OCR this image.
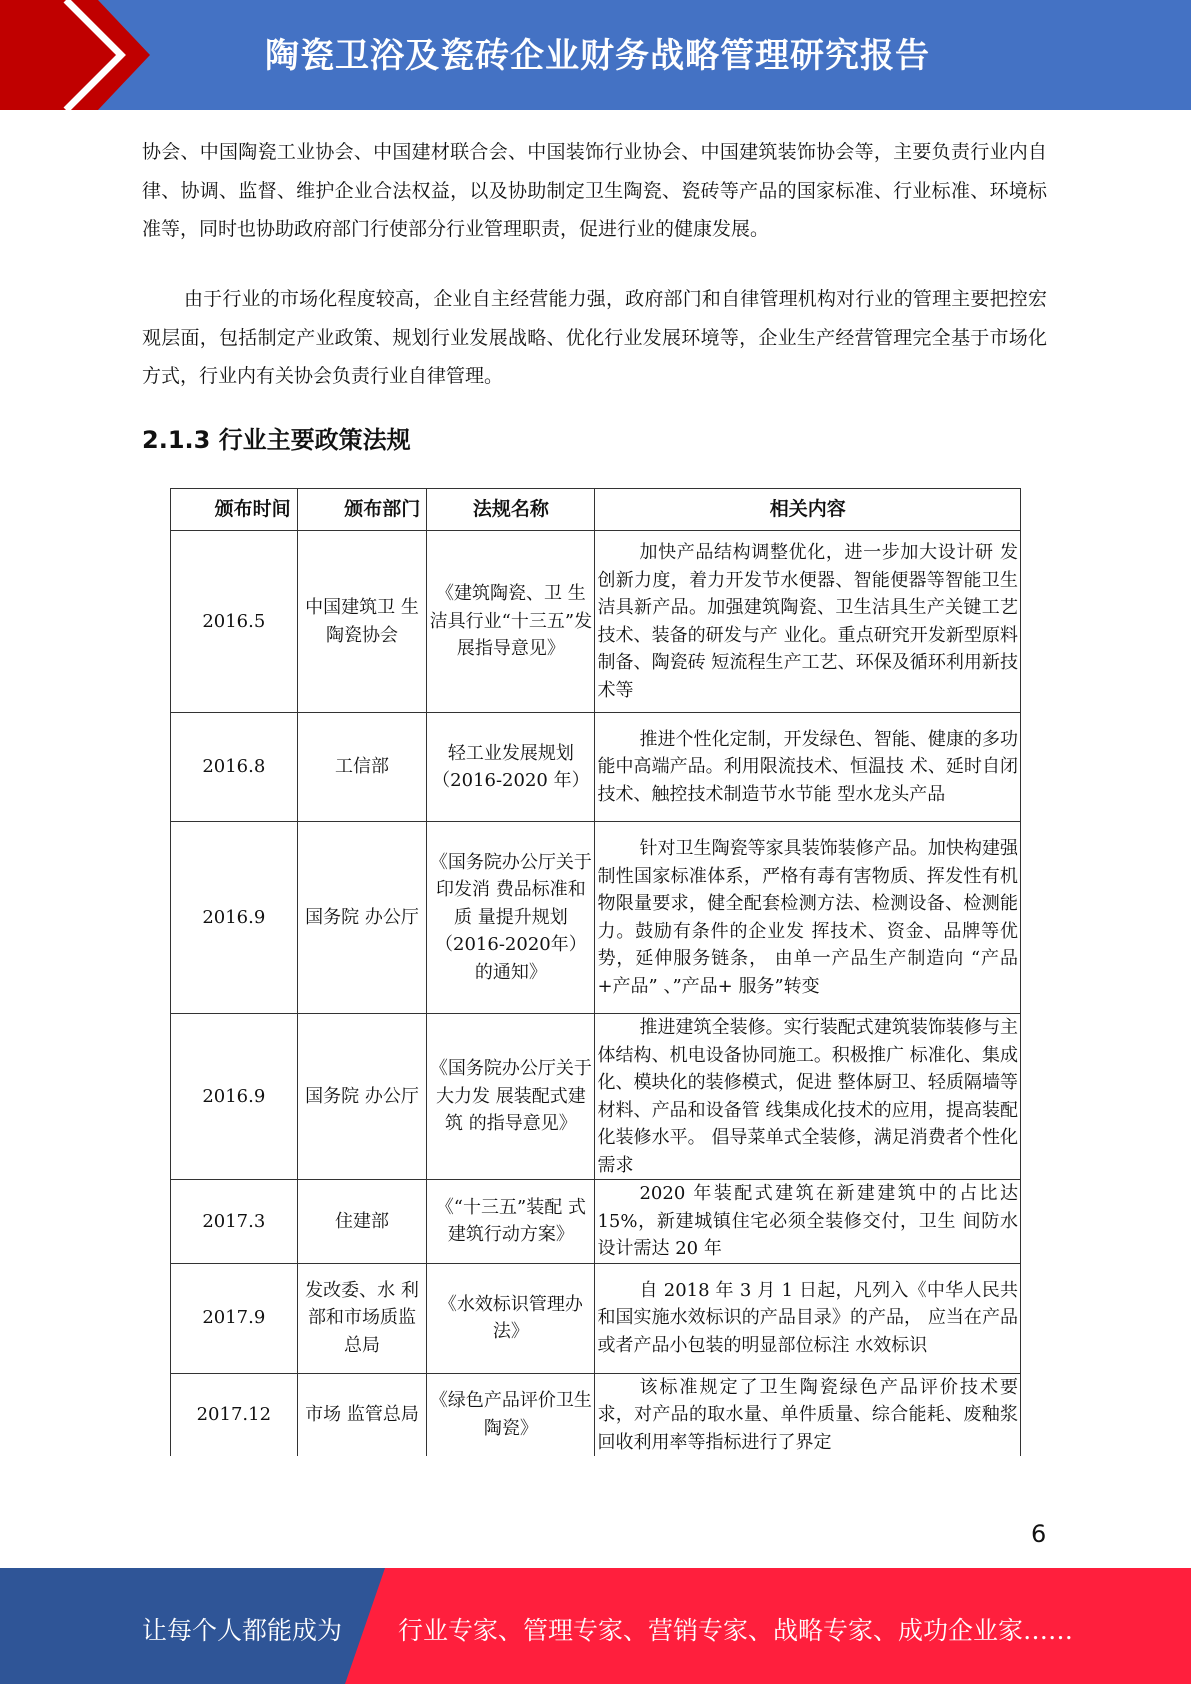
陶瓷卫浴及瓷砖企业财务战略管理研究报告
协会、中国陶瓷工业协会、中国建材联合会、中国装饰行业协会、中国建筑装饰协会等，主要负责行业内自律、协调、监督、维护企业合法权益，以及协助制定卫生陶瓷、瓷砖等产品的国家标准、行业标准、环境标准等，同时也协助政府部门行使部分行业管理职责，促进行业的健康发展。
由于行业的市场化程度较高，企业自主经营能力强，政府部门和自律管理机构对行业的管理主要把控宏观层面，包括制定产业政策、规划行业发展战略、优化行业发展环境等，企业生产经营管理完全基于市场化方式，行业内有关协会负责行业自律管理。
2.1.3 行业主要政策法规
颁布时间	颁布部门	法规名称	相关内容
2016.5	中国建筑卫 生陶瓷协会	《建筑陶瓷、卫 生洁具行业“十三五”发展指导意见》	加快产品结构调整优化，进一步加大设计研 发创新力度，着力开发节水便器、智能便器等智能卫生洁具新产品。加强建筑陶瓷、卫生洁具生产关键工艺技术、装备的研发与产 业化。重点研究开发新型原料制备、陶瓷砖 短流程生产工艺、环保及循环利用新技术等
2016.8	工信部	轻工业发展规划（2016-2020 年）	推进个性化定制，开发绿色、智能、健康的多功能中高端产品。利用限流技术、恒温技 术、延时自闭技术、触控技术制造节水节能 型水龙头产品
2016.9	国务院 办公厅	《国务院办公厅关于印发消 费品标准和质 量提升规划（2016-2020年） 的通知》	针对卫生陶瓷等家具装饰装修产品。加快构建强制性国家标准体系，严格有毒有害物质、挥发性有机物限量要求，健全配套检测方法、检测设备、检测能力。鼓励有条件的企业发 挥技术、资金、品牌等优势，延伸服务链条， 由单一产品生产制造向 “产品+产品” 、”产品+ 服务”转变
2016.9	国务院 办公厅	《国务院办公厅关于大力发 展装配式建筑 的指导意见》	推进建筑全装修。实行装配式建筑装饰装修与主体结构、机电设备协同施工。积极推广 标准化、集成化、模块化的装修模式，促进 整体厨卫、轻质隔墙等材料、产品和设备管 线集成化技术的应用，提高装配化装修水平。 倡导菜单式全装修，满足消费者个性化需求
2017.3	住建部	《“十三五”装配 式建筑行动方案》	2020 年装配式建筑在新建建筑中的占比达15%，新建城镇住宅必须全装修交付，卫生 间防水设计需达 20 年
2017.9	发改委、水 利部和市场质监总局	《水效标识管理办法》	自 2018 年 3 月 1 日起，凡列入《中华人民共和国实施水效标识的产品目录》的产品， 应当在产品或者产品小包装的明显部位标注 水效标识
2017.12	市场 监管总局	《绿色产品评价卫生陶瓷》	该标准规定了卫生陶瓷绿色产品评价技术要 求，对产品的取水量、单件质量、综合能耗、废釉浆回收利用率等指标进行了界定
6
让每个人都能成为 行业专家、管理专家、营销专家、战略专家、成功企业家……
